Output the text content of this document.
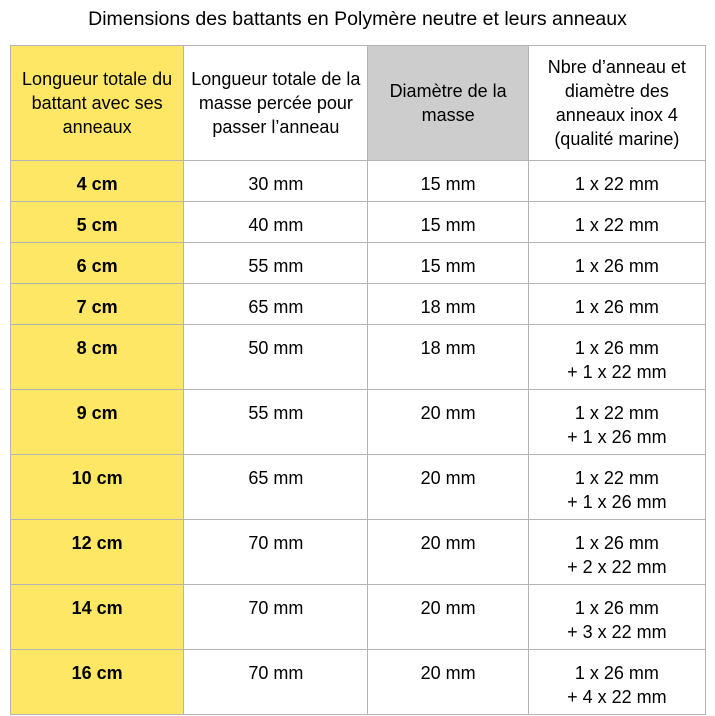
Dimensions des battants en Polymère neutre et leurs anneaux
Longueur totale du battant avec ses anneaux	Longueur totale de la masse percée pour passer l’anneau	Diamètre de la masse	Nbre d’anneau et diamètre des anneaux inox 4 (qualité marine)
4 cm	30 mm	15 mm	1 x 22 mm

5 cm	40 mm	15 mm	1 x 22 mm

6 cm	55 mm	15 mm	1 x 26 mm

7 cm	65 mm	18 mm	1 x 26 mm

8 cm	50 mm	18 mm	1 x 26 mm
+ 1 x 22 mm

9 cm	55 mm	20 mm	1 x 22 mm
+ 1 x 26 mm

10 cm	65 mm	20 mm	1 x 22 mm
+ 1 x 26 mm

12 cm	70 mm	20 mm	1 x 26 mm
+ 2 x 22 mm

14 cm	70 mm	20 mm	1 x 26 mm
+ 3 x 22 mm

16 cm	70 mm	20 mm	1 x 26 mm
+ 4 x 22 mm
